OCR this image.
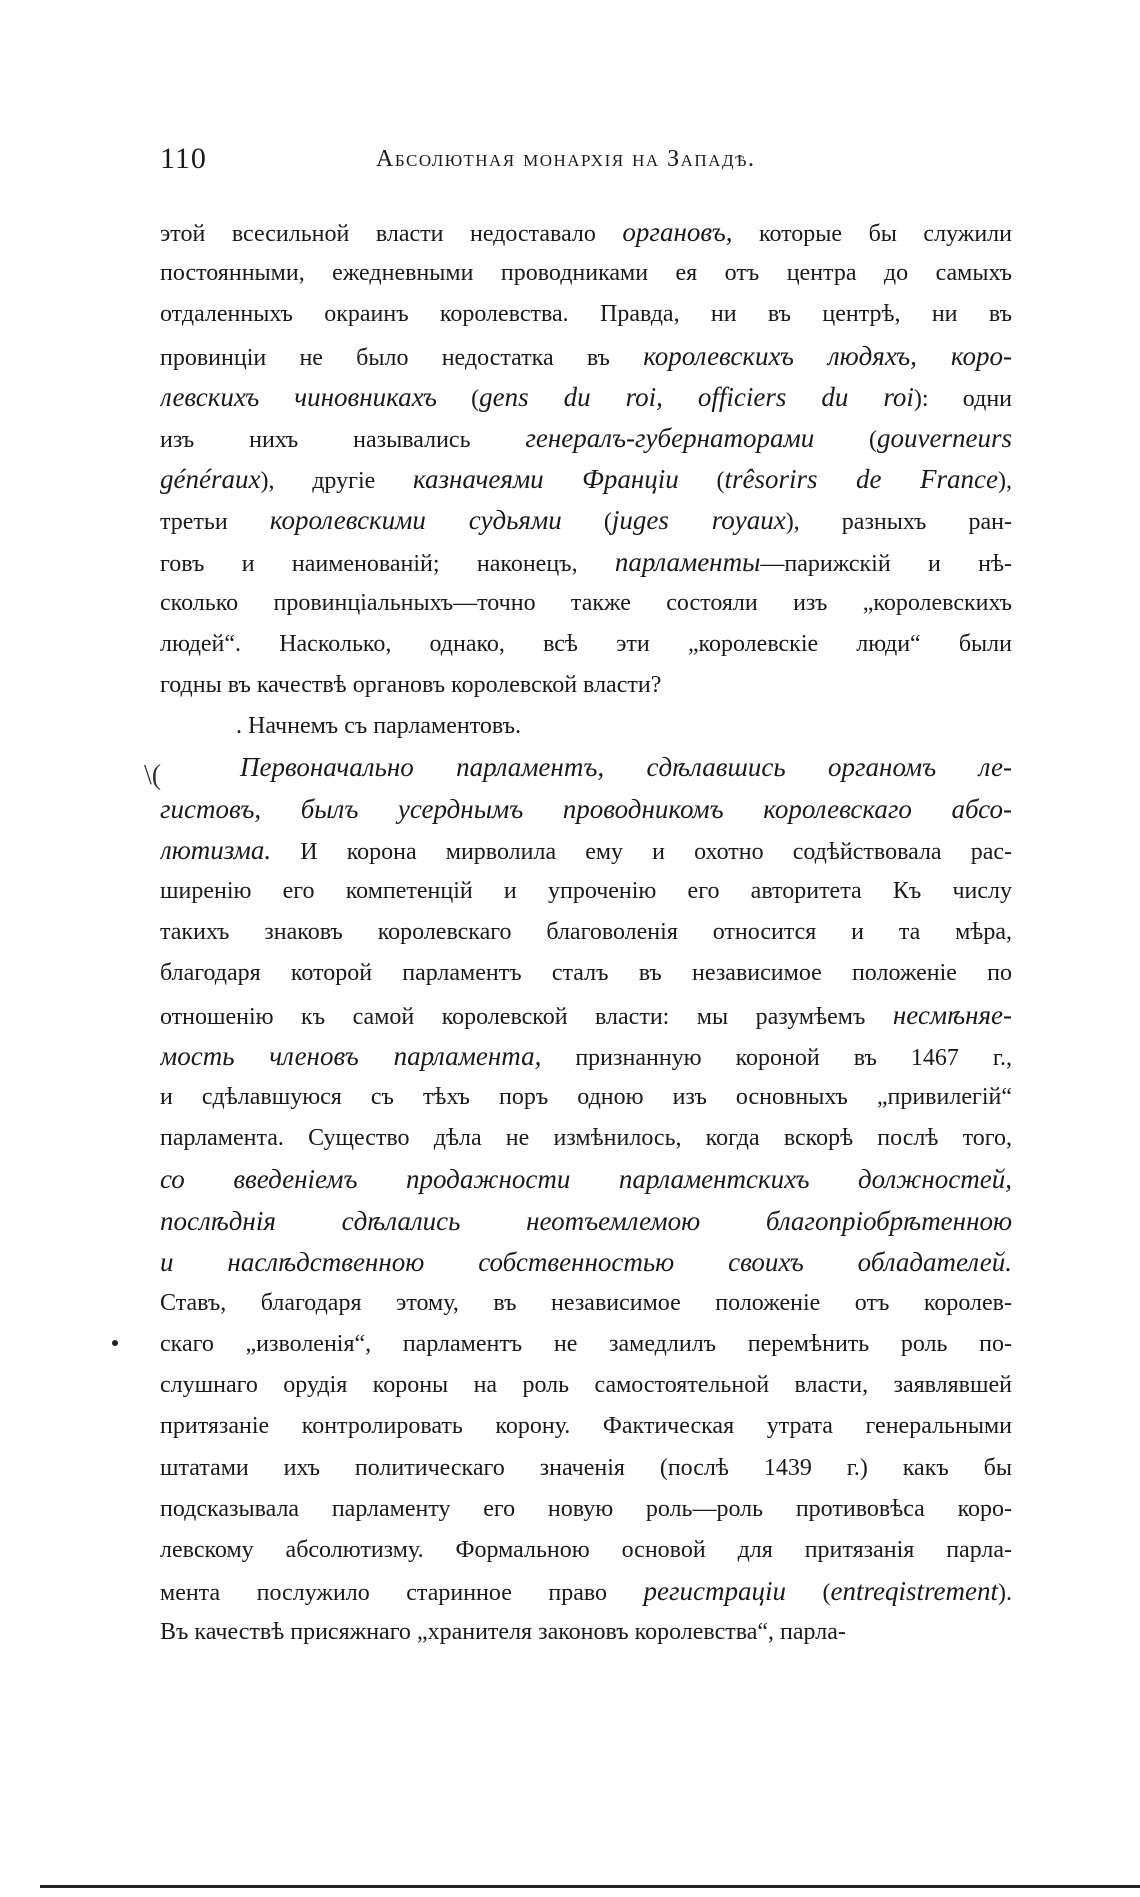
110	Абсолютная монархія на Западѣ.
\(
этой всесильной власти недоставало органовъ, которые бы служили
постоянными, ежедневными проводниками ея отъ центра до самыхъ
отдаленныхъ окраинъ королевства. Правда, ни въ центрѣ, ни въ
провинціи не было недостатка въ королевскихъ людяхъ, коро-
левскихъ чиновникахъ (gens du roi, officiers du roi): одни
изъ нихъ назывались генералъ-губернаторами (gouverneurs
généraux), другіе казначеями Франціи (trêsorirs de France),
третьи королевскими судьями (juges royaux), разныхъ ран-
говъ и наименованій; наконецъ, парламенты—парижскій и нѣ-
сколько провинціальныхъ—точно также состояли изъ „королевскихъ
людей“. Насколько, однако, всѣ эти „королевскіе люди“ были
годны въ качествѣ органовъ королевской власти?
. Начнемъ съ парламентовъ.
Первоначально парламентъ, сдѣлавшись органомъ ле-
гистовъ, былъ усерднымъ проводникомъ королевскаго абсо-
лютизма. И корона мирволила ему и охотно содѣйствовала рас-
ширенію его компетенцій и упроченію его авторитета Къ числу
такихъ знаковъ королевскаго благоволенія относится и та мѣра,
благодаря которой парламентъ сталъ въ независимое положеніе по
отношенію къ самой королевской власти: мы разумѣемъ несмѣняе-
мость членовъ парламента, признанную короной въ 1467 г.,
и сдѣлавшуюся съ тѣхъ поръ одною изъ основныхъ „привилегій“
парламента. Существо дѣла не измѣнилось, когда вскорѣ послѣ того,
со введеніемъ продажности парламентскихъ должностей,
послѣднія сдѣлались неотъемлемою благопріобрѣтенною
и наслѣдственною собственностью своихъ обладателей.
Ставъ, благодаря этому, въ независимое положеніе отъ королев-
скаго „изволенія“, парламентъ не замедлилъ перемѣнить роль по-
слушнаго орудія короны на роль самостоятельной власти, заявлявшей
притязаніе контролировать корону. Фактическая утрата генеральными
штатами ихъ политическаго значенія (послѣ 1439 г.) какъ бы
подсказывала парламенту его новую роль—роль противовѣса коро-
левскому абсолютизму. Формальною основой для притязанія парла-
мента послужило старинное право регистраціи (entreqistrement).
Въ качествѣ присяжнаго „хранителя законовъ королевства“, парла-
